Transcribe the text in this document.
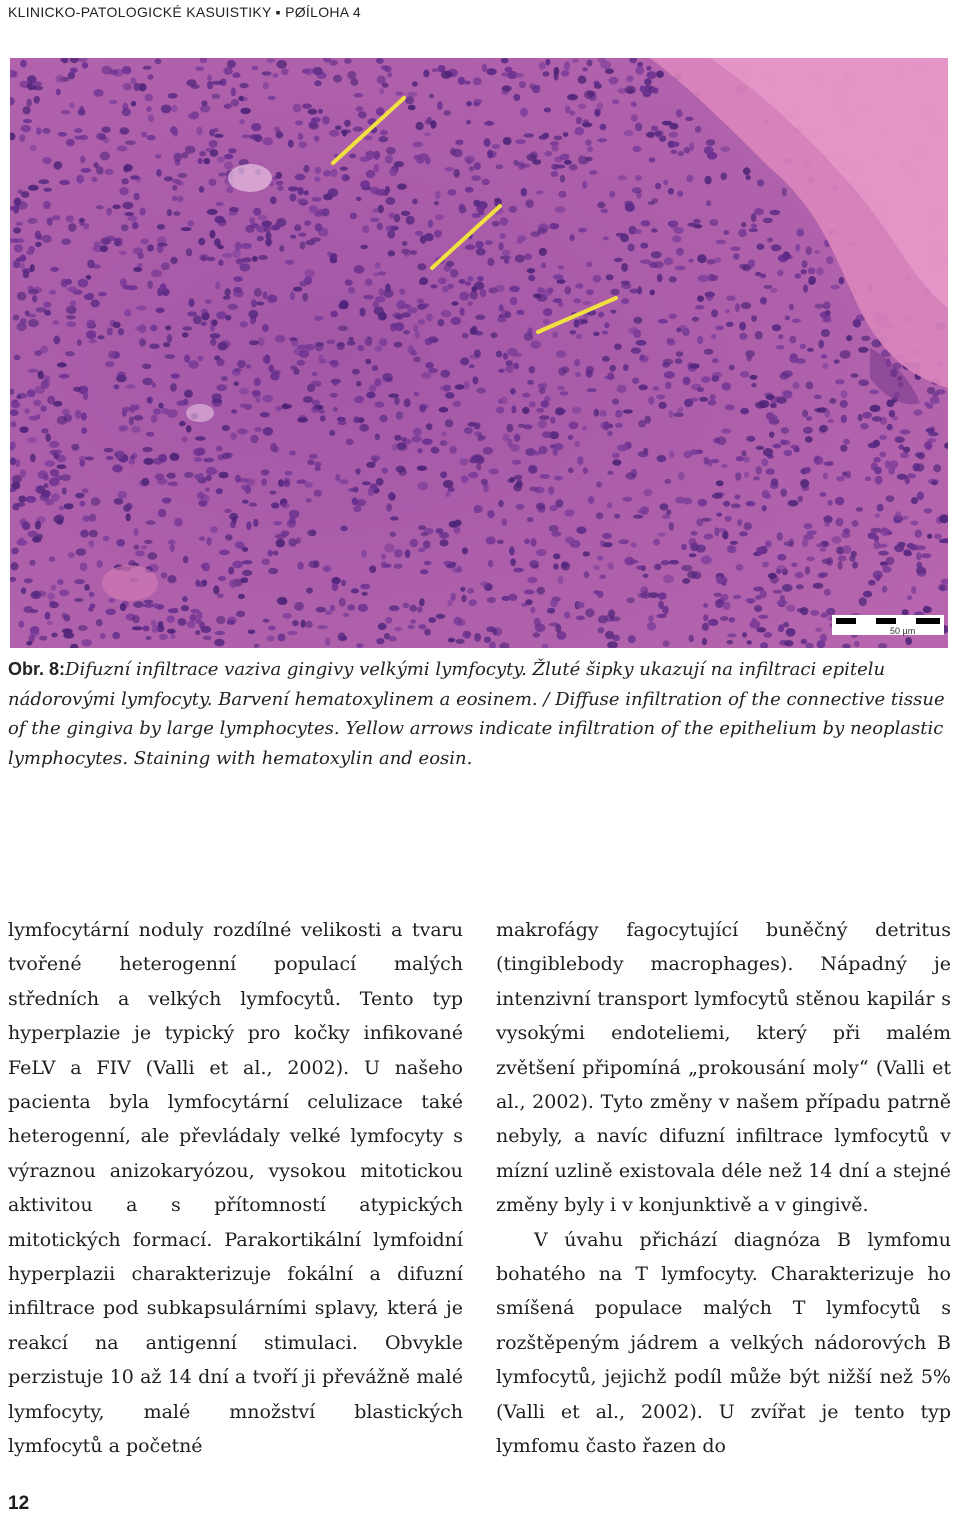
KLINICKO-PATOLOGICKÉ KASUISTIKY ▪ PØÍLOHA 4
50 µm
Obr. 8:Difuzní infiltrace vaziva gingivy velkými lymfocyty. Žluté šipky ukazují na infiltraci epitelu nádorovými lymfocyty. Barvení hematoxylinem a eosinem. / Diffuse infiltration of the connective tissue of the gingiva by large lymphocytes. Yellow arrows indicate infiltration of the epithelium by neoplastic lymphocytes. Staining with hematoxylin and eosin.

lymfocytární noduly rozdílné velikosti a tvaru tvořené heterogenní populací malých středních a velkých lymfocytů. Tento typ hyperplazie je typický pro kočky infikované FeLV a FIV (Valli et al., 2002). U našeho pacienta byla lymfocytární celulizace také heterogenní, ale převládaly velké lymfocyty s výraznou anizokaryózou, vysokou mitotickou aktivitou a s přítomností atypických mitotických formací. Parakortikální lymfoidní hyperplazii charakterizuje fokální a difuzní infiltrace pod subkapsulárními splavy, která je reakcí na antigenní stimulaci. Obvykle perzistuje 10 až 14 dní a tvoří ji převážně malé lymfocyty, malé množství blastických lymfocytů a početné

makrofágy fagocytující buněčný detritus (tingiblebody macrophages). Nápadný je intenzivní transport lymfocytů stěnou kapilár s vysokými endoteliemi, který při malém zvětšení připomíná „prokousání moly“ (Valli et al., 2002). Tyto změny v našem případu patrně nebyly, a navíc difuzní infiltrace lymfocytů v mízní uzlině existovala déle než 14 dní a stejné změny byly i v konjunktivě a v gingivě.

V úvahu přichází diagnóza B lymfomu bohatého na T lymfocyty. Charakterizuje ho smíšená populace malých T lymfocytů s rozštěpeným jádrem a velkých nádorových B lymfocytů, jejichž podíl může být nižší než 5% (Valli et al., 2002). U zvířat je tento typ lymfomu často řazen do

12
